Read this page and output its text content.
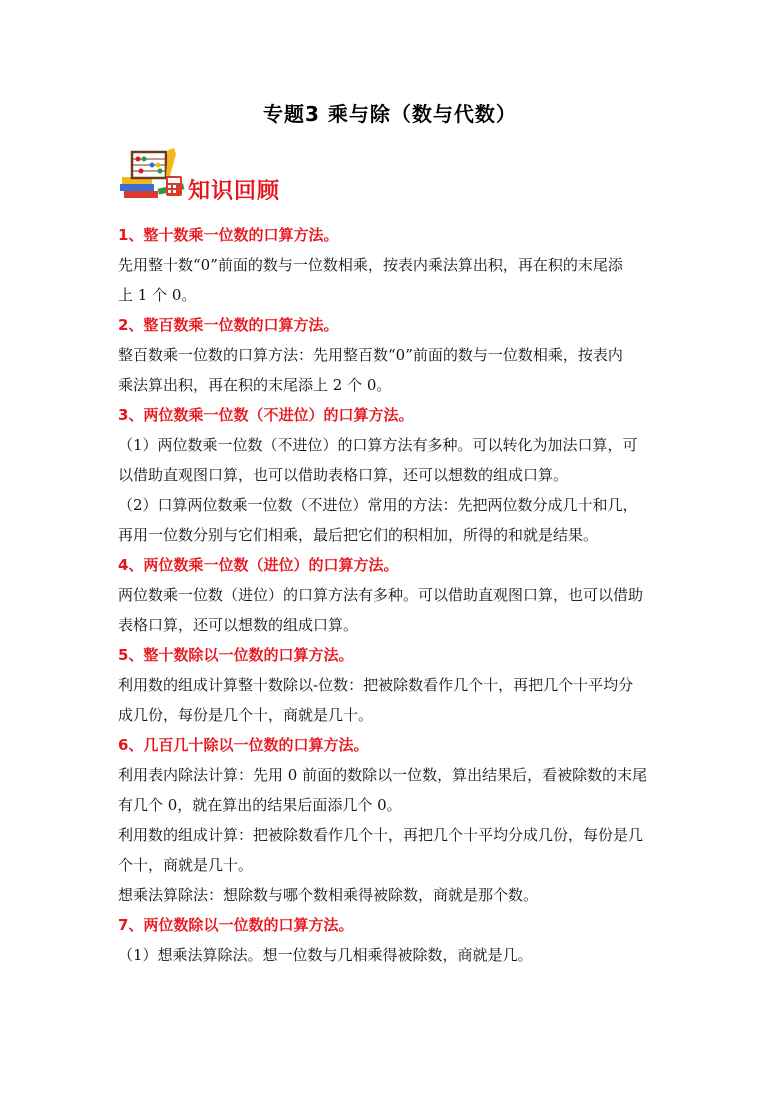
专题3 乘与除（数与代数）
知识回顾
1、整十数乘一位数的口算方法。
先用整十数“0”前面的数与一位数相乘，按表内乘法算出积，再在积的末尾添
上 1 个 0。
2、整百数乘一位数的口算方法。
整百数乘一位数的口算方法：先用整百数“0”前面的数与一位数相乘，按表内
乘法算出积，再在积的末尾添上 2 个 0。
3、两位数乘一位数（不进位）的口算方法。
（1）两位数乘一位数（不进位）的口算方法有多种。可以转化为加法口算，可
以借助直观图口算，也可以借助表格口算，还可以想数的组成口算。
（2）口算两位数乘一位数（不进位）常用的方法：先把两位数分成几十和几，
再用一位数分别与它们相乘，最后把它们的积相加，所得的和就是结果。
4、两位数乘一位数（进位）的口算方法。
两位数乘一位数（进位）的口算方法有多种。可以借助直观图口算，也可以借助
表格口算，还可以想数的组成口算。
5、整十数除以一位数的口算方法。
利用数的组成计算整十数除以-位数：把被除数看作几个十，再把几个十平均分
成几份，每份是几个十，商就是几十。
6、几百几十除以一位数的口算方法。
利用表内除法计算：先用 0 前面的数除以一位数，算出结果后，看被除数的末尾
有几个 0，就在算出的结果后面添几个 0。
利用数的组成计算：把被除数看作几个十，再把几个十平均分成几份，每份是几
个十，商就是几十。
想乘法算除法：想除数与哪个数相乘得被除数，商就是那个数。
7、两位数除以一位数的口算方法。
（1）想乘法算除法。想一位数与几相乘得被除数，商就是几。
